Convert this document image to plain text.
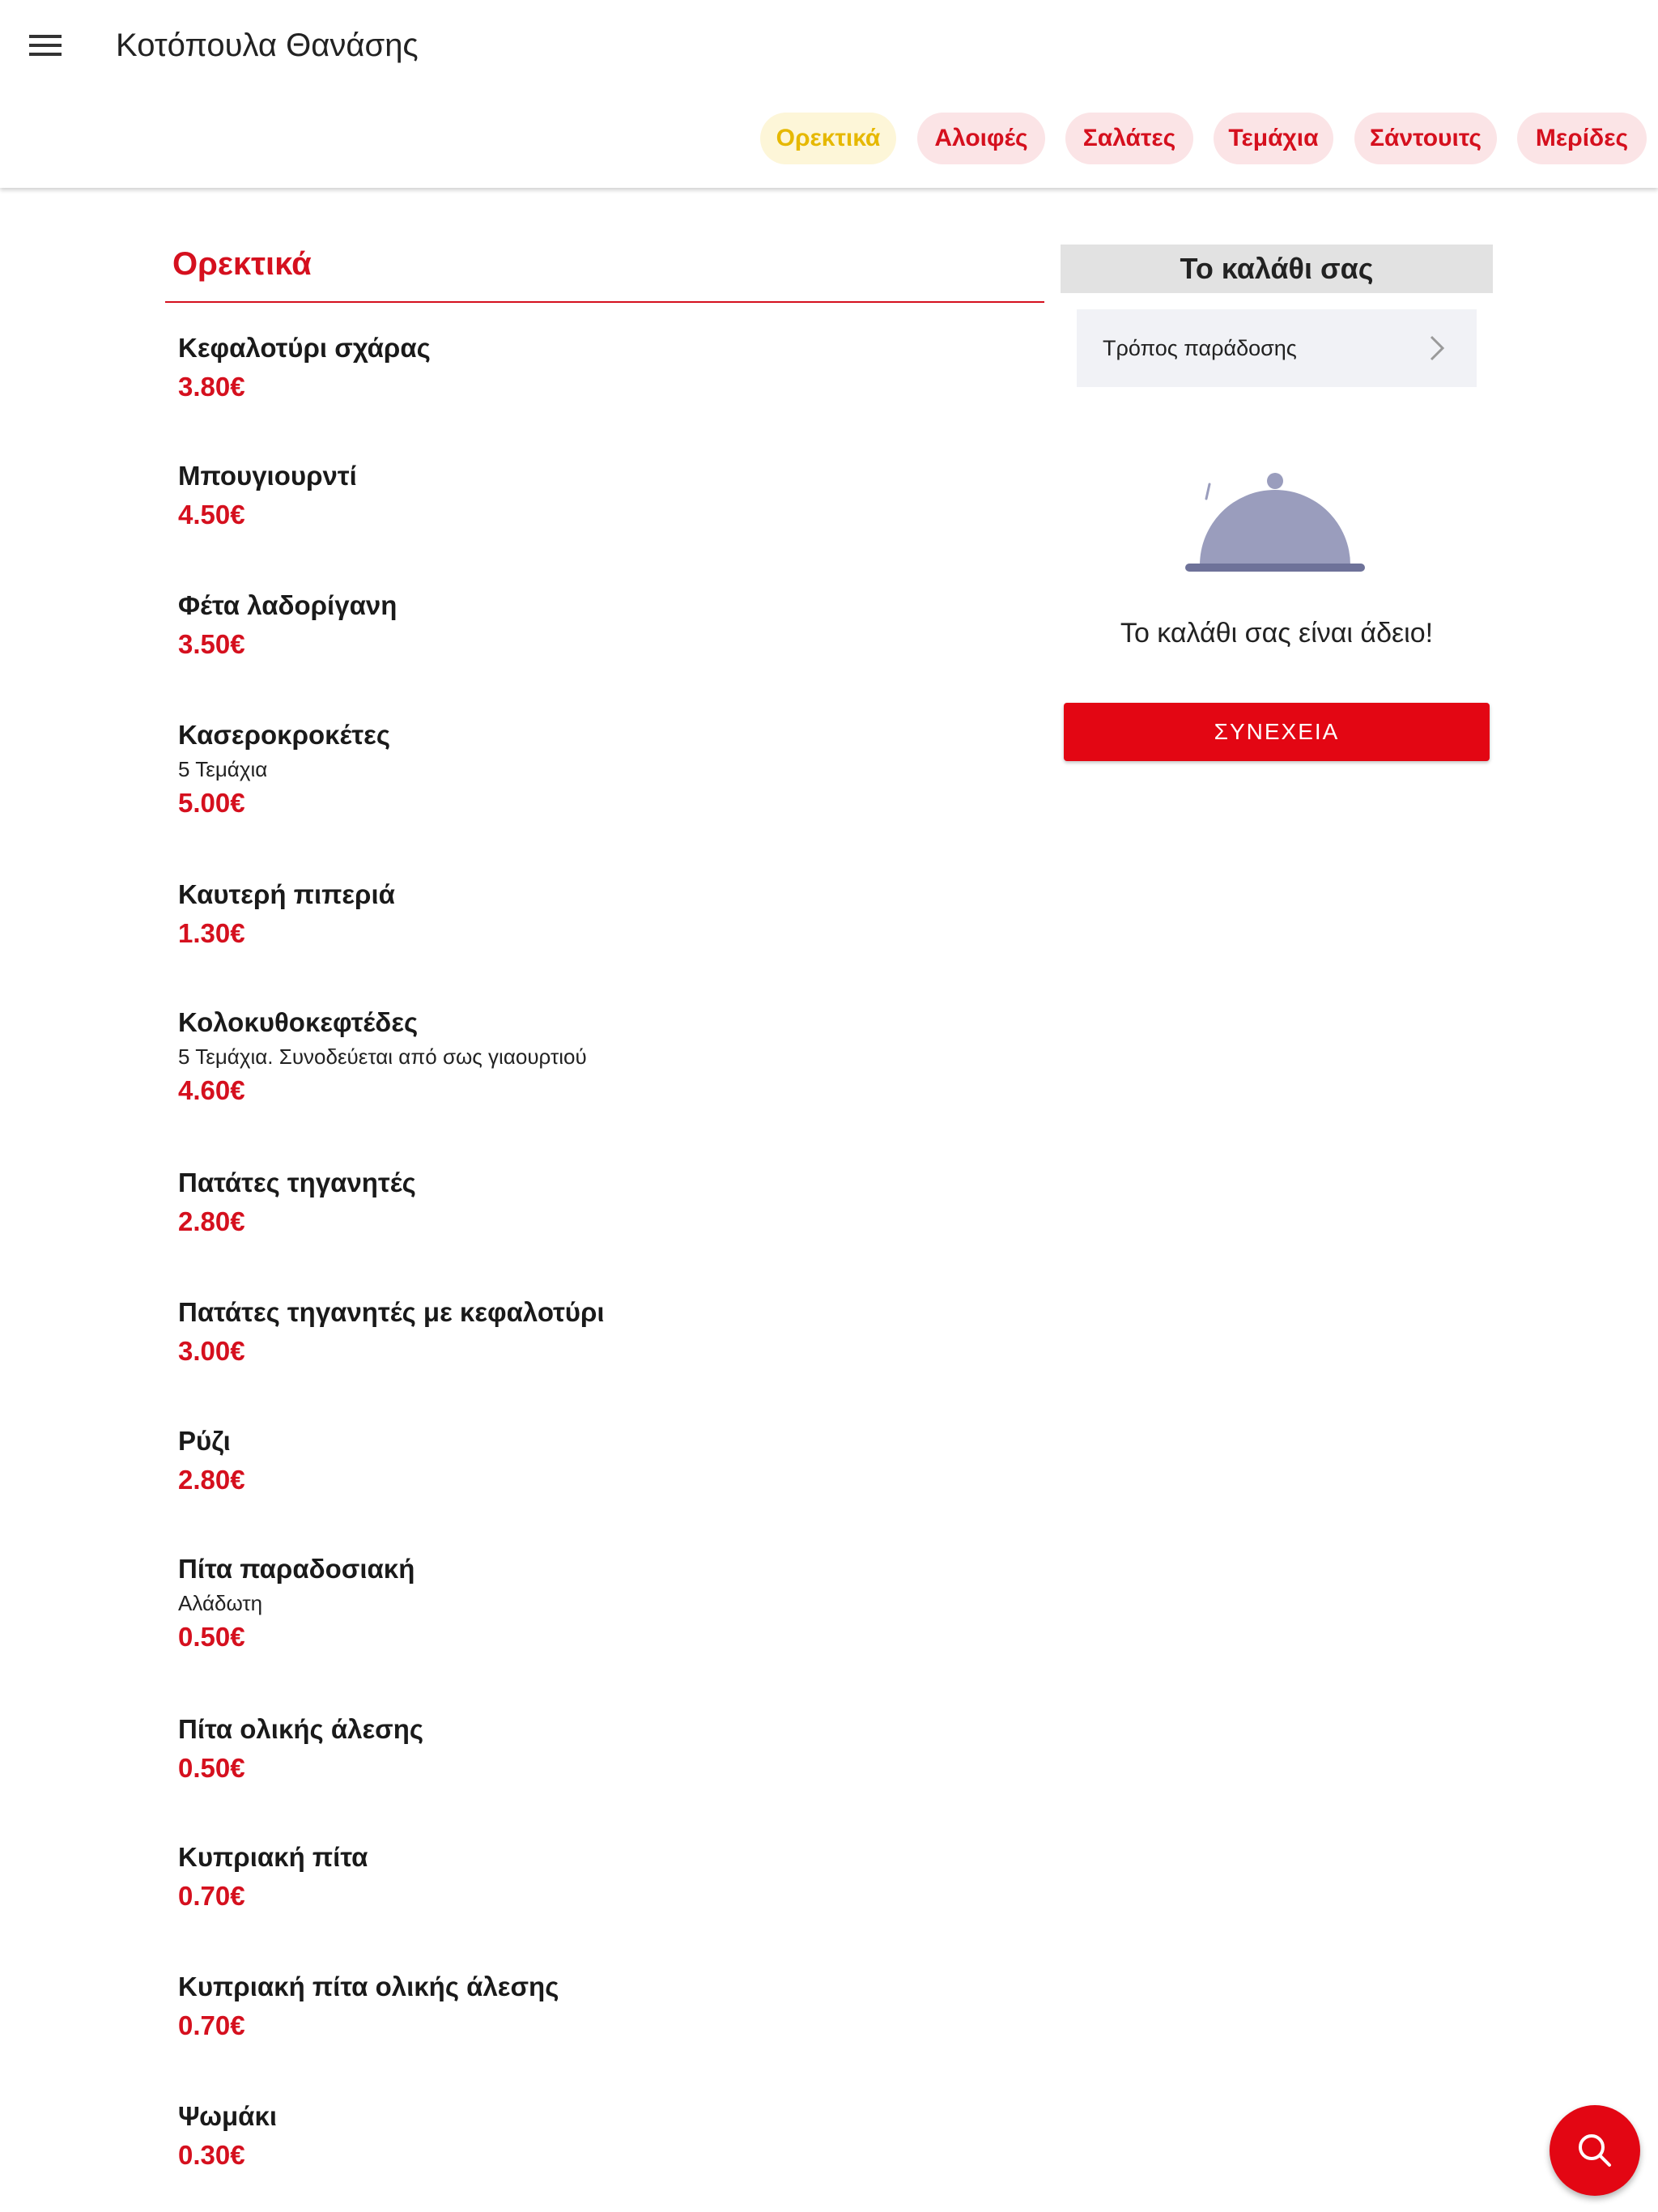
Κοτόπουλα Θανάσης
Ορεκτικά	Αλοιφές	Σαλάτες	Τεμάχια	Σάντουιτς	Μερίδες
Ορεκτικά
Κεφαλοτύρι σχάρας
3.80€
Μπουγιουρντί
4.50€
Φέτα λαδορίγανη
3.50€
Κασεροκροκέτες
5 Τεμάχια
5.00€
Καυτερή πιπεριά
1.30€
Κολοκυθοκεφτέδες
5 Τεμάχια. Συνοδεύεται από σως γιαουρτιού
4.60€
Πατάτες τηγανητές
2.80€
Πατάτες τηγανητές με κεφαλοτύρι
3.00€
Ρύζι
2.80€
Πίτα παραδοσιακή
Αλάδωτη
0.50€
Πίτα ολικής άλεσης
0.50€
Κυπριακή πίτα
0.70€
Κυπριακή πίτα ολικής άλεσης
0.70€
Ψωμάκι
0.30€
Το καλάθι σας
Τρόπος παράδοσης
Το καλάθι σας είναι άδειο!
ΣΥΝΕΧΕΙΑ
